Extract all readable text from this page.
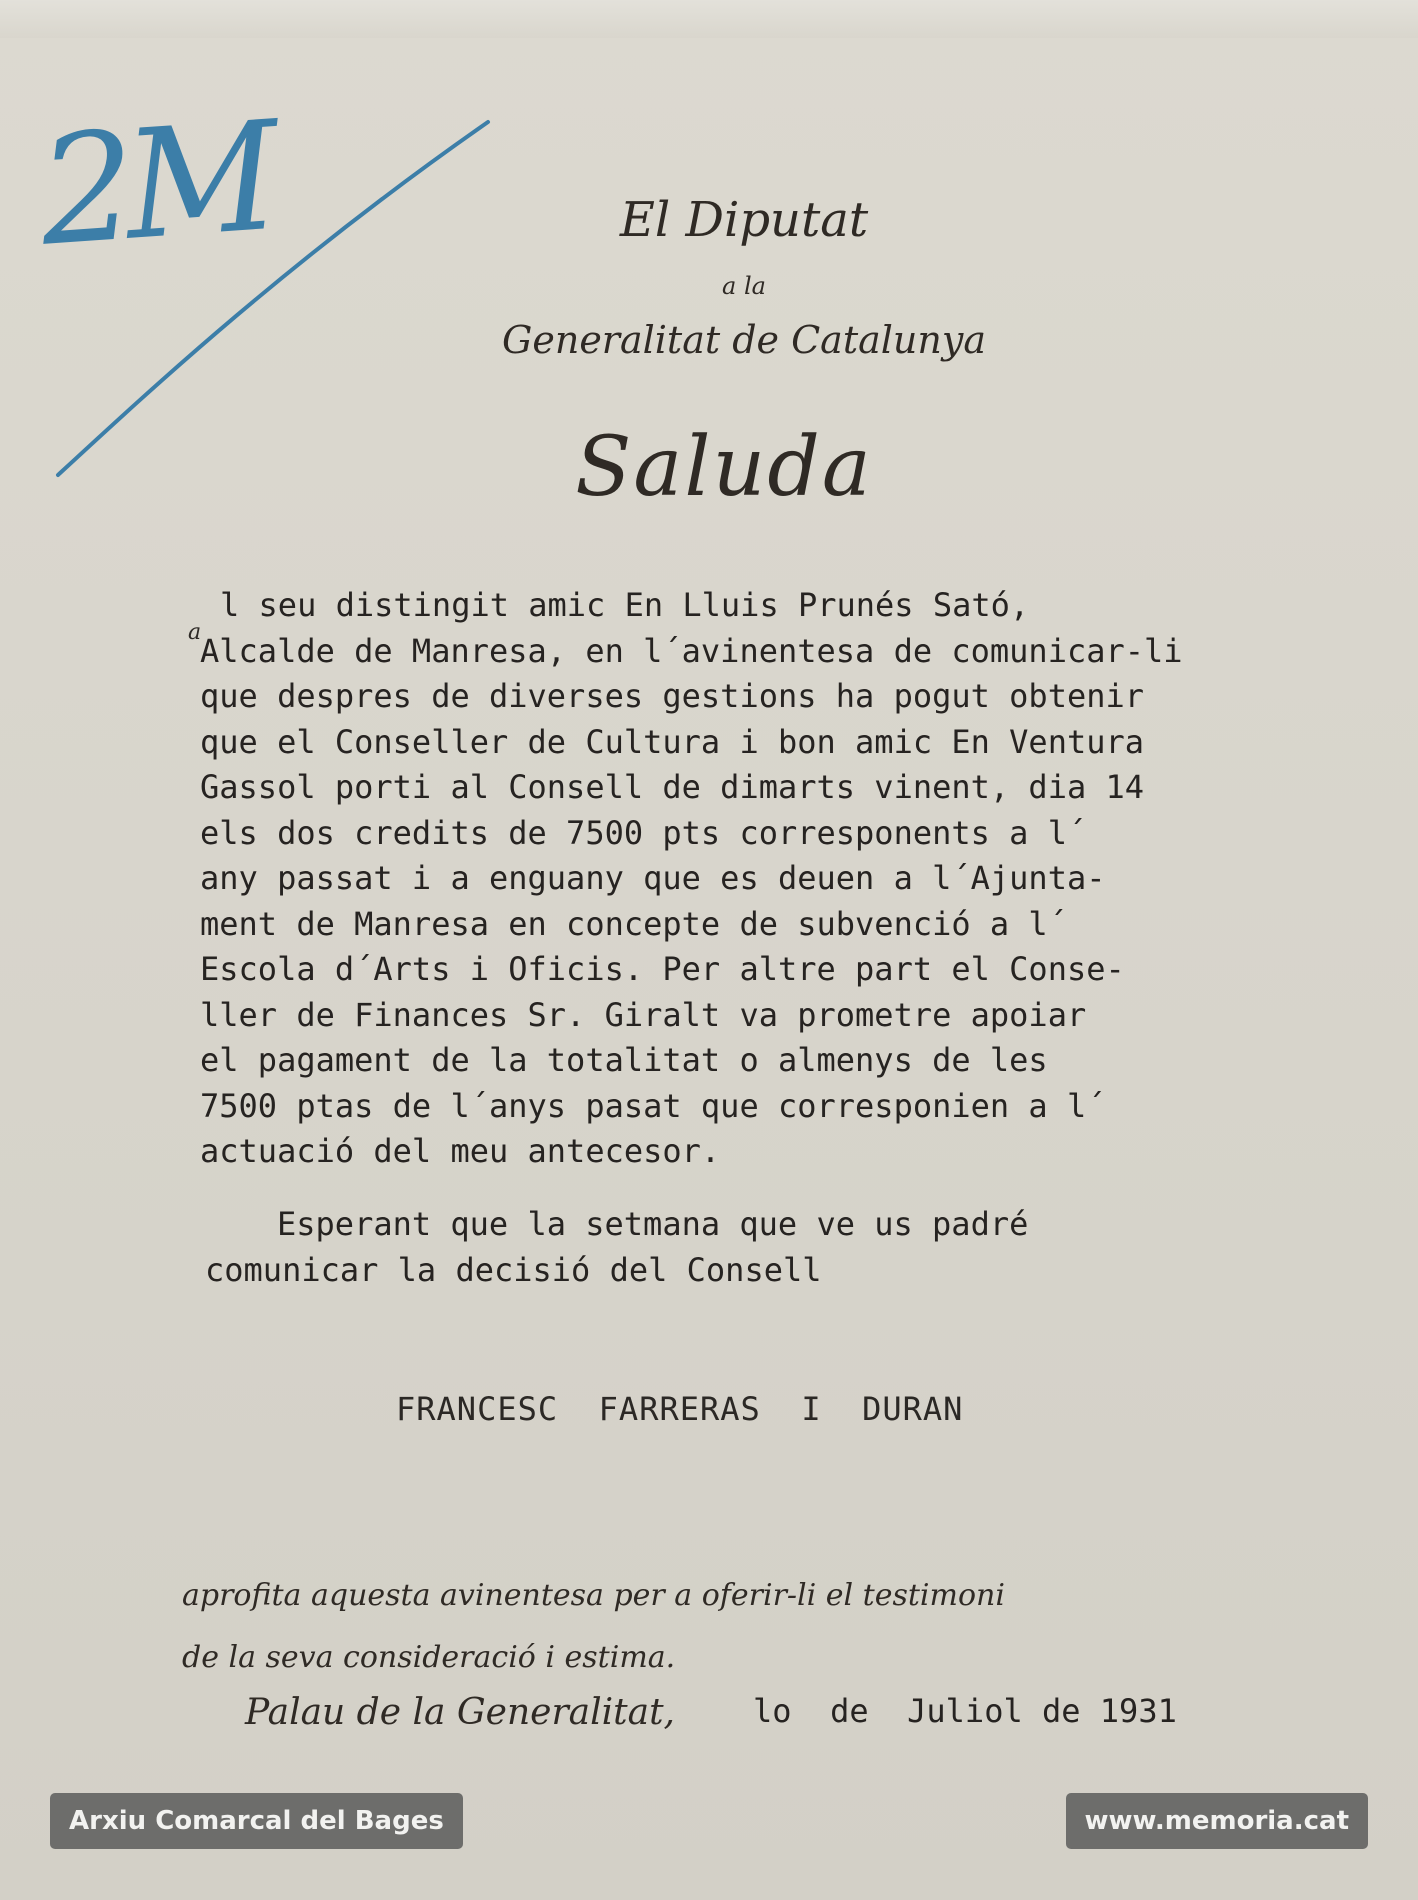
2M	El Diputat
a la
Generalitat de Catalunya
Saluda
a
l seu distingit amic En Lluis Prunés Sató,
Alcalde de Manresa, en l´avinentesa de comunicar-li
que despres de diverses gestions ha pogut obtenir
que el Conseller de Cultura i bon amic En Ventura
Gassol porti al Consell de dimarts vinent, dia 14
els dos credits de 7500 pts corresponents a l´
any passat i a enguany que es deuen a l´Ajunta-
ment de Manresa en concepte de subvenció a l´
Escola d´Arts i Oficis. Per altre part el Conse-
ller de Finances Sr. Giralt va prometre apoiar
el pagament de la totalitat o almenys de les
7500 ptas de l´anys pasat que corresponien a l´
actuació del meu antecesor.
Esperant que la setmana que ve us padré
comunicar la decisió del Consell
FRANCESC  FARRERAS  I  DURAN
aprofita aquesta avinentesa per a oferir-li el testimoni
de la seva consideració i estima.
Palau de la Generalitat, lo  de  Juliol de 1931
Arxiu Comarcal del Bages	www.memoria.cat
